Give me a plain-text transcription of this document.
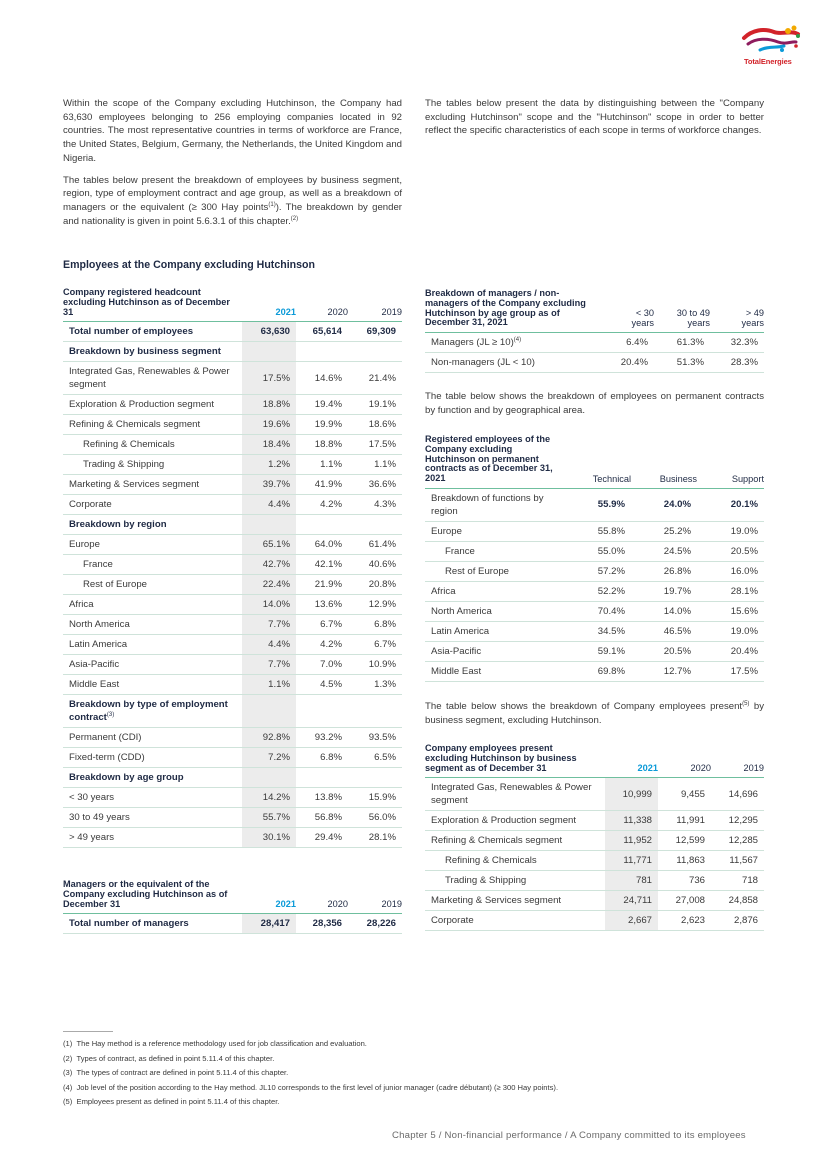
TotalEnergies

Within the scope of the Company excluding Hutchinson, the Company had 63,630 employees belonging to 256 employing companies located in 92 countries. The most representative countries in terms of workforce are France, the United States, Belgium, Germany, the Netherlands, the United Kingdom and Nigeria.

The tables below present the breakdown of employees by business segment, region, type of employment contract and age group, as well as a breakdown of managers or the equivalent (≥ 300 Hay points$^{(1)}$). The breakdown by gender and nationality is given in point 5.6.3.1 of this chapter.$^{(2)}$

The tables below present the data by distinguishing between the "Company excluding Hutchinson" scope and the "Hutchinson" scope in order to better reflect the specific characteristics of each scope in terms of workforce changes.

Employees at the Company excluding Hutchinson
Company registered headcount excluding Hutchinson as of December 31	2021	2020	2019
Total number of employees	63,630	65,614	69,309
Breakdown by business segment			
Integrated Gas, Renewables & Power segment	17.5%	14.6%	21.4%
Exploration & Production segment	18.8%	19.4%	19.1%
Refining & Chemicals segment	19.6%	19.9%	18.6%
Refining & Chemicals	18.4%	18.8%	17.5%
Trading & Shipping	1.2%	1.1%	1.1%
Marketing & Services segment	39.7%	41.9%	36.6%
Corporate	4.4%	4.2%	4.3%
Breakdown by region			
Europe	65.1%	64.0%	61.4%
France	42.7%	42.1%	40.6%
Rest of Europe	22.4%	21.9%	20.8%
Africa	14.0%	13.6%	12.9%
North America	7.7%	6.7%	6.8%
Latin America	4.4%	4.2%	6.7%
Asia-Pacific	7.7%	7.0%	10.9%
Middle East	1.1%	4.5%	1.3%
Breakdown by type of employment contract$^{(3)}$			
Permanent (CDI)	92.8%	93.2%	93.5%
Fixed-term (CDD)	7.2%	6.8%	6.5%
Breakdown by age group			
< 30 years	14.2%	13.8%	15.9%
30 to 49 years	55.7%	56.8%	56.0%
> 49 years	30.1%	29.4%	28.1%
Managers or the equivalent of the Company excluding Hutchinson as of December 31	2021	2020	2019
Total number of managers	28,417	28,356	28,226
Breakdown of managers / non-managers of the Company excluding Hutchinson by age group as of December 31, 2021	< 30 years	30 to 49 years	> 49 years
Managers (JL ≥ 10)$^{(4)}$	6.4%	61.3%	32.3%
Non-managers (JL < 10)	20.4%	51.3%	28.3%

The table below shows the breakdown of employees on permanent contracts by function and by geographical area.

Registered employees of the Company excluding Hutchinson on permanent contracts as of December 31, 2021	Technical	Business	Support
Breakdown of functions by region	55.9%	24.0%	20.1%
Europe	55.8%	25.2%	19.0%
France	55.0%	24.5%	20.5%
Rest of Europe	57.2%	26.8%	16.0%
Africa	52.2%	19.7%	28.1%
North America	70.4%	14.0%	15.6%
Latin America	34.5%	46.5%	19.0%
Asia-Pacific	59.1%	20.5%	20.4%
Middle East	69.8%	12.7%	17.5%

The table below shows the breakdown of Company employees present$^{(5)}$ by business segment, excluding Hutchinson.

Company employees present excluding Hutchinson by business segment as of December 31	2021	2020	2019
Integrated Gas, Renewables & Power segment	10,999	9,455	14,696
Exploration & Production segment	11,338	11,991	12,295
Refining & Chemicals segment	11,952	12,599	12,285
Refining & Chemicals	11,771	11,863	11,567
Trading & Shipping	781	736	718
Marketing & Services segment	24,711	27,008	24,858
Corporate	2,667	2,623	2,876
(1)  The Hay method is a reference methodology used for job classification and evaluation.
(2)  Types of contract, as defined in point 5.11.4 of this chapter.
(3)  The types of contract are defined in point 5.11.4 of this chapter.
(4)  Job level of the position according to the Hay method. JL10 corresponds to the first level of junior manager (cadre débutant) (≥ 300 Hay points).
(5)  Employees present as defined in point 5.11.4 of this chapter.
Chapter 5 / Non-financial performance / A Company committed to its employees
